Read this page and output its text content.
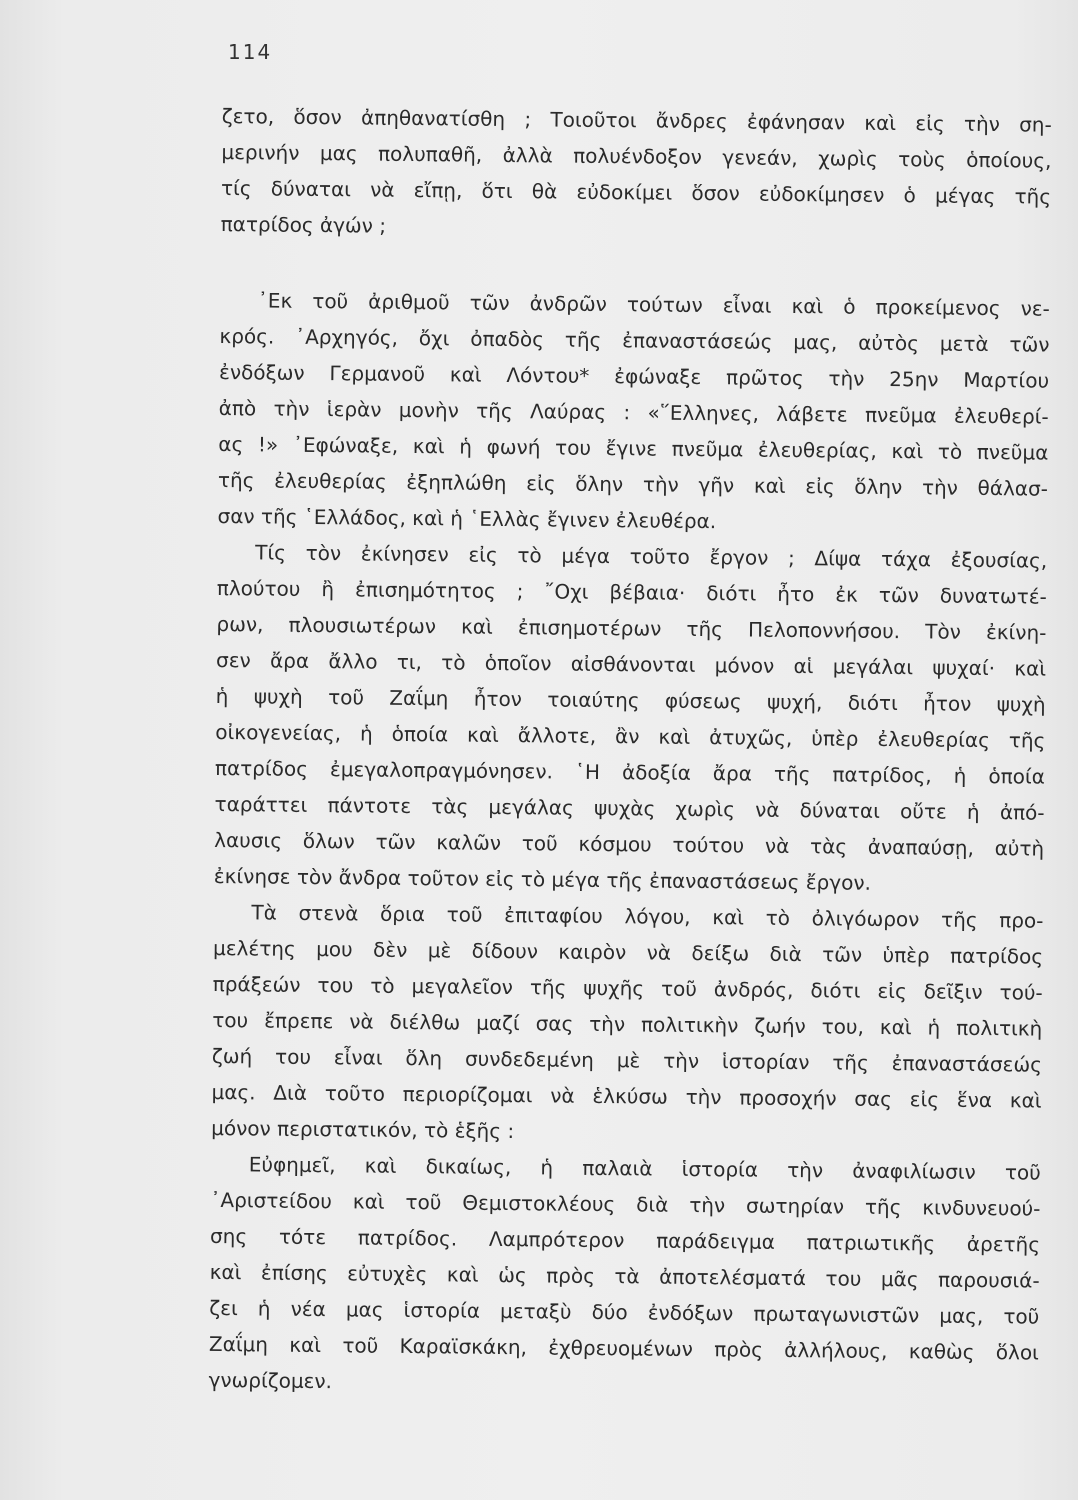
114
ζετο, ὅσον ἀπηθανατίσθη ; Τοιοῦτοι ἄνδρες ἐφάνησαν καὶ εἰς τὴν ση-
μερινήν μας πολυπαθῆ, ἀλλὰ πολυένδοξον γενεάν, χωρὶς τοὺς ὁποίους,
τίς δύναται νὰ εἴπῃ, ὅτι θὰ εὐδοκίμει ὅσον εὐδοκίμησεν ὁ μέγας τῆς
πατρίδος ἀγών ;
᾽Εκ τοῦ ἀριθμοῦ τῶν ἀνδρῶν τούτων εἶναι καὶ ὁ προκείμενος νε-
κρός. ᾽Αρχηγός, ὄχι ὀπαδὸς τῆς ἐπαναστάσεώς μας, αὐτὸς μετὰ τῶν
ἐνδόξων Γερμανοῦ καὶ Λόντου* ἐφώναξε πρῶτος τὴν 25ην Μαρτίου
ἀπὸ τὴν ἱερὰν μονὴν τῆς Λαύρας : «῞Ελληνες, λάβετε πνεῦμα ἐλευθερί-
ας !» ᾽Εφώναξε, καὶ ἡ φωνή του ἔγινε πνεῦμα ἐλευθερίας, καὶ τὸ πνεῦμα
τῆς ἐλευθερίας ἐξηπλώθη εἰς ὅλην τὴν γῆν καὶ εἰς ὅλην τὴν θάλασ-
σαν τῆς ῾Ελλάδος, καὶ ἡ ῾Ελλὰς ἔγινεν ἐλευθέρα.
Τίς τὸν ἐκίνησεν εἰς τὸ μέγα τοῦτο ἔργον ; Δίψα τάχα ἐξουσίας,
πλούτου ἢ ἐπισημότητος ; ῎Οχι βέβαια· διότι ἦτο ἐκ τῶν δυνατωτέ-
ρων, πλουσιωτέρων καὶ ἐπισημοτέρων τῆς Πελοποννήσου. Τὸν ἐκίνη-
σεν ἄρα ἄλλο τι, τὸ ὁποῖον αἰσθάνονται μόνον αἱ μεγάλαι ψυχαί· καὶ
ἡ ψυχὴ τοῦ Ζαΐμη ἦτον τοιαύτης φύσεως ψυχή, διότι ἦτον ψυχὴ
οἰκογενείας, ἡ ὁποία καὶ ἄλλοτε, ἂν καὶ ἀτυχῶς, ὑπὲρ ἐλευθερίας τῆς
πατρίδος ἐμεγαλοπραγμόνησεν. ῾Η ἀδοξία ἄρα τῆς πατρίδος, ἡ ὁποία
ταράττει πάντοτε τὰς μεγάλας ψυχὰς χωρὶς νὰ δύναται οὔτε ἡ ἀπό-
λαυσις ὅλων τῶν καλῶν τοῦ κόσμου τούτου νὰ τὰς ἀναπαύσῃ, αὐτὴ
ἐκίνησε τὸν ἄνδρα τοῦτον εἰς τὸ μέγα τῆς ἐπαναστάσεως ἔργον.
Τὰ στενὰ ὅρια τοῦ ἐπιταφίου λόγου, καὶ τὸ ὀλιγόωρον τῆς προ-
μελέτης μου δὲν μὲ δίδουν καιρὸν νὰ δείξω διὰ τῶν ὑπὲρ πατρίδος
πράξεών του τὸ μεγαλεῖον τῆς ψυχῆς τοῦ ἀνδρός, διότι εἰς δεῖξιν τού-
του ἔπρεπε νὰ διέλθω μαζί σας τὴν πολιτικὴν ζωήν του, καὶ ἡ πολιτικὴ
ζωή του εἶναι ὅλη συνδεδεμένη μὲ τὴν ἱστορίαν τῆς ἐπαναστάσεώς
μας. Διὰ τοῦτο περιορίζομαι νὰ ἑλκύσω τὴν προσοχήν σας εἰς ἕνα καὶ
μόνον περιστατικόν, τὸ ἑξῆς :
Εὐφημεῖ, καὶ δικαίως, ἡ παλαιὰ ἱστορία τὴν ἀναφιλίωσιν τοῦ
᾽Αριστείδου καὶ τοῦ Θεμιστοκλέους διὰ τὴν σωτηρίαν τῆς κινδυνευού-
σης τότε πατρίδος. Λαμπρότερον παράδειγμα πατριωτικῆς ἀρετῆς
καὶ ἐπίσης εὐτυχὲς καὶ ὡς πρὸς τὰ ἀποτελέσματά του μᾶς παρουσιά-
ζει ἡ νέα μας ἱστορία μεταξὺ δύο ἐνδόξων πρωταγωνιστῶν μας, τοῦ
Ζαΐμη καὶ τοῦ Καραϊσκάκη, ἐχθρευομένων πρὸς ἀλλήλους, καθὼς ὅλοι
γνωρίζομεν.
